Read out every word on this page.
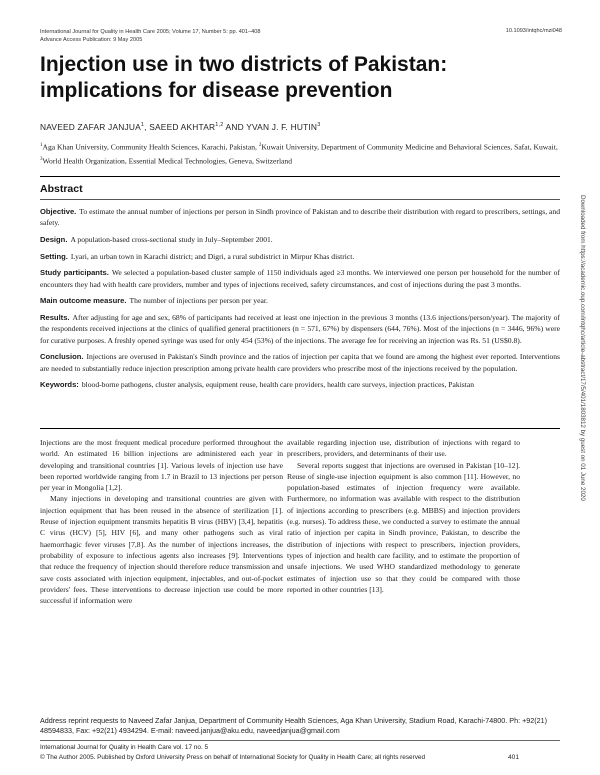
International Journal for Quality in Health Care 2005; Volume 17, Number 5: pp. 401–408
Advance Access Publication: 9 May 2005
10.1093/intqhc/mzi048
Injection use in two districts of Pakistan: implications for disease prevention
NAVEED ZAFAR JANJUA$^1$, SAEED AKHTAR$^{1,2}$ AND YVAN J. F. HUTIN$^3$
$^1$Aga Khan University, Community Health Sciences, Karachi, Pakistan, $^2$Kuwait University, Department of Community Medicine and Behavioral Sciences, Safat, Kuwait, $^3$World Health Organization, Essential Medical Technologies, Geneva, Switzerland
Abstract

Objective. To estimate the annual number of injections per person in Sindh province of Pakistan and to describe their distribution with regard to prescribers, settings, and safety.

Design. A population-based cross-sectional study in July–September 2001.

Setting. Lyari, an urban town in Karachi district; and Digri, a rural subdistrict in Mirpur Khas district.

Study participants. We selected a population-based cluster sample of 1150 individuals aged ≥3 months. We interviewed one person per household for the number of encounters they had with health care providers, number and types of injections received, safety circumstances, and cost of injections during the past 3 months.

Main outcome measure. The number of injections per person per year.

Results. After adjusting for age and sex, 68% of participants had received at least one injection in the previous 3 months (13.6 injections/person/year). The majority of the respondents received injections at the clinics of qualified general practitioners (n = 571, 67%) by dispensers (644, 76%). Most of the injections (n = 3446, 96%) were for curative purposes. A freshly opened syringe was used for only 454 (53%) of the injections. The average fee for receiving an injection was Rs. 51 (US$0.8).

Conclusion. Injections are overused in Pakistan's Sindh province and the ratios of injection per capita that we found are among the highest ever reported. Interventions are needed to substantially reduce injection prescription among private health care providers who prescribe most of the injections received by the population.

Keywords: blood-borne pathogens, cluster analysis, equipment reuse, health care providers, health care surveys, injection practices, Pakistan

Injections are the most frequent medical procedure performed throughout the world. An estimated 16 billion injections are administered each year in developing and transitional countries [1]. Various levels of injection use have been reported worldwide ranging from 1.7 in Brazil to 13 injections per person per year in Mongolia [1,2].

Many injections in developing and transitional countries are given with injection equipment that has been reused in the absence of sterilization [1]. Reuse of injection equipment transmits hepatitis B virus (HBV) [3,4], hepatitis C virus (HCV) [5], HIV [6], and many other pathogens such as viral haemorrhagic fever viruses [7,8]. As the number of injections increases, the probability of exposure to infectious agents also increases [9]. Interventions that reduce the frequency of injection should therefore reduce transmission and save costs associated with injection equipment, injectables, and out-of-pocket providers' fees. These interventions to decrease injection use could be more successful if information were

available regarding injection use, distribution of injections with regard to prescribers, providers, and determinants of their use.

Several reports suggest that injections are overused in Pakistan [10–12]. Reuse of single-use injection equipment is also common [11]. However, no population-based estimates of injection frequency were available. Furthermore, no information was available with respect to the distribution of injections according to prescribers (e.g. MBBS) and injection providers (e.g. nurses). To address these, we conducted a survey to estimate the annual ratio of injection per capita in Sindh province, Pakistan, to describe the distribution of injections with respect to prescribers, injection providers, types of injection and health care facility, and to estimate the proportion of unsafe injections. We used WHO standardized methodology to generate estimates of injection use so that they could be compared with those reported in other countries [13].

Address reprint requests to Naveed Zafar Janjua, Department of Community Health Sciences, Aga Khan University, Stadium Road, Karachi-74800. Ph: +92(21) 48594833, Fax: +92(21) 4934294. E-mail: naveed.janjua@aku.edu, naveedjanjua@gmail.com
International Journal for Quality in Health Care vol. 17 no. 5
© The Author 2005. Published by Oxford University Press on behalf of International Society for Quality in Health Care; all rights reserved	401
Downloaded from https://academic.oup.com/intqhc/article-abstract/17/5/401/1803812 by guest on 01 June 2020
